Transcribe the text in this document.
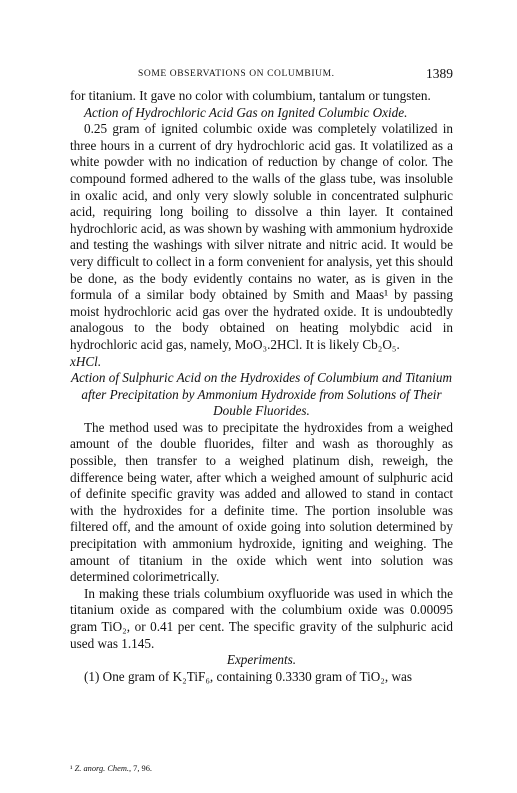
SOME OBSERVATIONS ON COLUMBIUM.	1389

for titanium. It gave no color with columbium, tantalum or tungsten.

Action of Hydrochloric Acid Gas on Ignited Columbic Oxide.

0.25 gram of ignited columbic oxide was completely volatilized in three hours in a current of dry hydrochloric acid gas. It volatilized as a white powder with no indication of reduction by change of color. The compound formed adhered to the walls of the glass tube, was insoluble in oxalic acid, and only very slowly soluble in concentrated sulphuric acid, requiring long boiling to dissolve a thin layer. It contained hydrochloric acid, as was shown by washing with ammonium hydroxide and testing the washings with silver nitrate and nitric acid. It would be very difficult to collect in a form convenient for analysis, yet this should be done, as the body evidently contains no water, as is given in the formula of a similar body obtained by Smith and Maas¹ by passing moist hydrochloric acid gas over the hydrated oxide. It is undoubtedly analogous to the body obtained on heating molybdic acid in hydrochloric acid gas, namely, MoO₃.2HCl. It is likely Cb₂O₅.

xHCl.

Action of Sulphuric Acid on the Hydroxides of Columbium and Titanium after Precipitation by Ammonium Hydroxide from Solutions of Their Double Fluorides.

The method used was to precipitate the hydroxides from a weighed amount of the double fluorides, filter and wash as thoroughly as possible, then transfer to a weighed platinum dish, reweigh, the difference being water, after which a weighed amount of sulphuric acid of definite specific gravity was added and allowed to stand in contact with the hydroxides for a definite time. The portion insoluble was filtered off, and the amount of oxide going into solution determined by precipitation with ammonium hydroxide, igniting and weighing. The amount of titanium in the oxide which went into solution was determined colorimetrically.

In making these trials columbium oxyfluoride was used in which the titanium oxide as compared with the columbium oxide was 0.00095 gram TiO₂, or 0.41 per cent. The specific gravity of the sulphuric acid used was 1.145.

Experiments.

(1) One gram of K₂TiF₆, containing 0.3330 gram of TiO₂, was

¹ Z. anorg. Chem., 7, 96.
